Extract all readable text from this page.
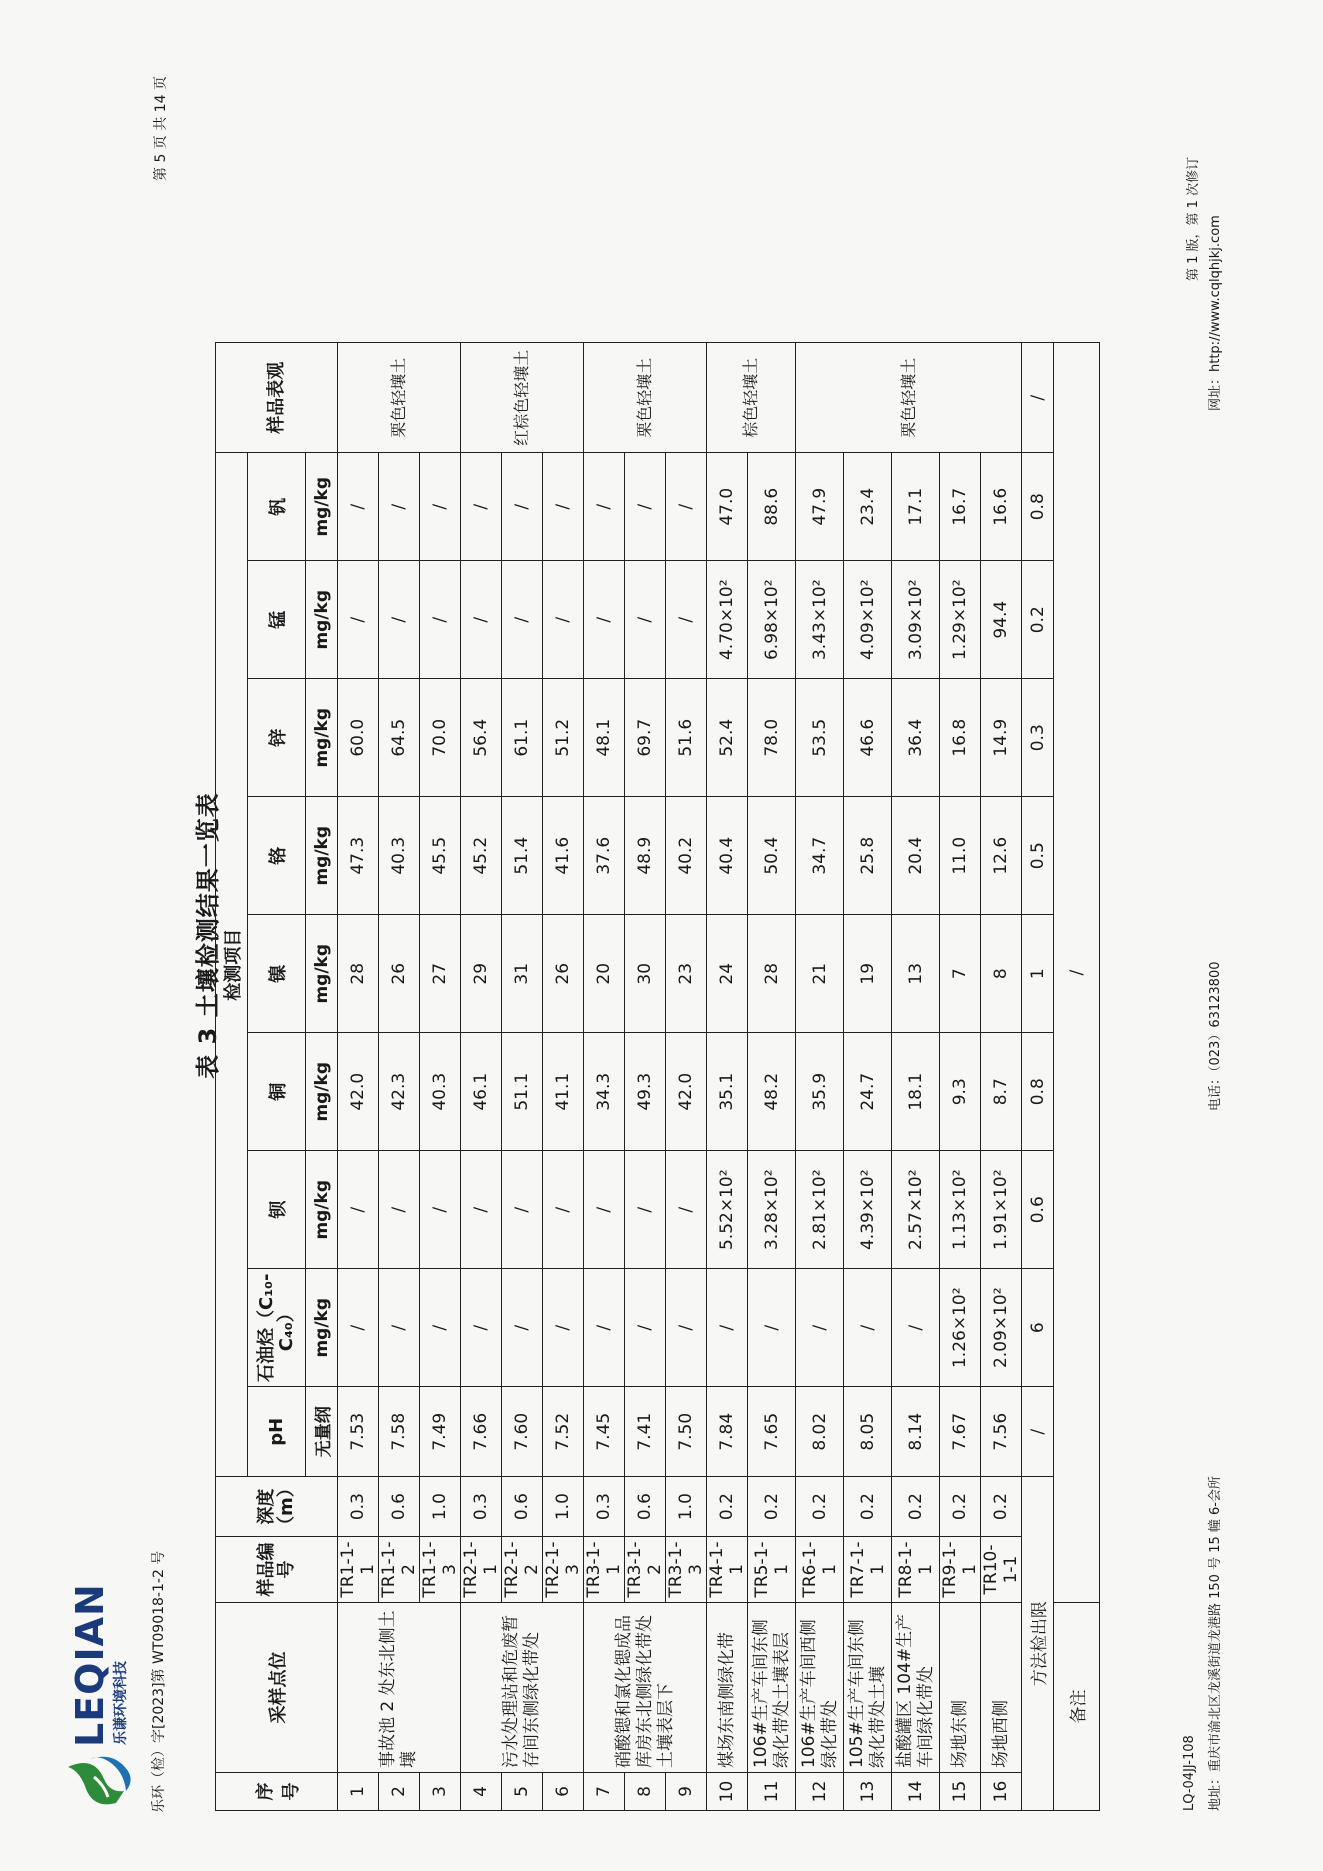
LEQIAN 乐谦环境科技 乐环（检）字[2023]第 WT09018-1-2 号
第 5 页 共 14 页
表 3 土壤检测结果一览表
序号	采样点位	样品编号	深度（m）	检测项目									样品表观
				pH	石油烃（C₁₀-C₄₀）	钡	铜	镍	铬	锌	锰	钒	
				无量纲	mg/kg	mg/kg	mg/kg	mg/kg	mg/kg	mg/kg	mg/kg	mg/kg	
1	事故池 2 处东北侧土壤	TR1-1-1	0.3	7.53	/	/	42.0	28	47.3	60.0	/	/	栗色轻壤土
2		TR1-1-2	0.6	7.58	/	/	42.3	26	40.3	64.5	/	/	
3		TR1-1-3	1.0	7.49	/	/	40.3	27	45.5	70.0	/	/	
4	污水处理站和危废暂存间东侧绿化带处	TR2-1-1	0.3	7.66	/	/	46.1	29	45.2	56.4	/	/	红棕色轻壤土
5		TR2-1-2	0.6	7.60	/	/	51.1	31	51.4	61.1	/	/	
6		TR2-1-3	1.0	7.52	/	/	41.1	26	41.6	51.2	/	/	
7	硝酸锶和氯化锶成品库房东北侧绿化带处土壤表层下	TR3-1-1	0.3	7.45	/	/	34.3	20	37.6	48.1	/	/	栗色轻壤土
8		TR3-1-2	0.6	7.41	/	/	49.3	30	48.9	69.7	/	/	
9		TR3-1-3	1.0	7.50	/	/	42.0	23	40.2	51.6	/	/	
10	煤场东南侧绿化带	TR4-1-1	0.2	7.84	/	5.52×10²	35.1	24	40.4	52.4	4.70×10²	47.0	棕色轻壤土
11	106#生产车间东侧绿化带处土壤表层	TR5-1-1	0.2	7.65	/	3.28×10²	48.2	28	50.4	78.0	6.98×10²	88.6	
12	106#生产车间西侧绿化带处	TR6-1-1	0.2	8.02	/	2.81×10²	35.9	21	34.7	53.5	3.43×10²	47.9	栗色轻壤土
13	105#生产车间东侧绿化带处土壤	TR7-1-1	0.2	8.05	/	4.39×10²	24.7	19	25.8	46.6	4.09×10²	23.4	
14	盐酸罐区 104#生产车间绿化带处	TR8-1-1	0.2	8.14	/	2.57×10²	18.1	13	20.4	36.4	3.09×10²	17.1	
15	场地东侧	TR9-1-1	0.2	7.67	1.26×10²	1.13×10²	9.3	7	11.0	16.8	1.29×10²	16.7	
16	场地西侧	TR10-1-1	0.2	7.56	2.09×10²	1.91×10²	8.7	8	12.6	14.9	94.4	16.6	
方法检出限				/	6	0.6	0.8	1	0.5	0.3	0.2	0.8	/
备注		/											
第 1 版，第 1 次修订
LQ-04JJ-108 地址：重庆市渝北区龙溪街道龙港路 150 号 15 幢 6-会所
电话：（023）63123800
网址：http://www.cqlqhjkj.com
